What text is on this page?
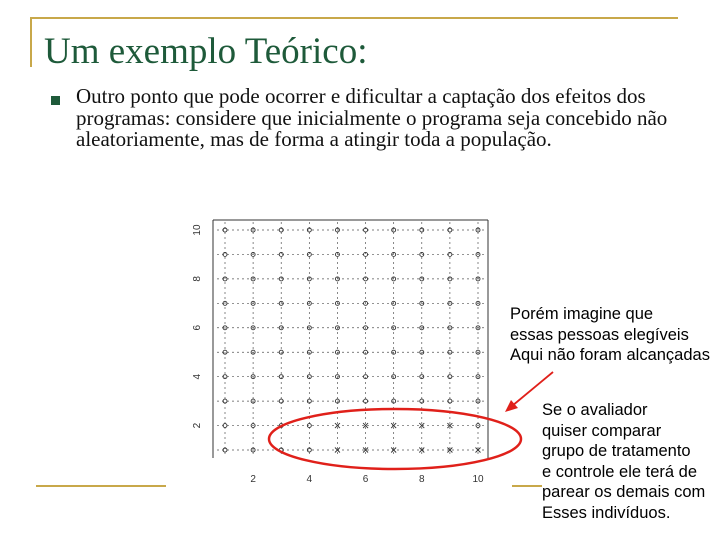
Um exemplo Teórico:
Outro ponto que pode ocorrer e dificultar a captação dos efeitos dos programas: considere que inicialmente o programa seja concebido não aleatoriamente, mas de forma a atingir toda a população.
2	4	6	8	10
2
4
6
8
10
Porém imagine que
essas pessoas elegíveis
Aqui não foram alcançadas
Se o avaliador
quiser comparar
grupo de tratamento
e controle ele terá de
parear os demais com
Esses indivíduos.
